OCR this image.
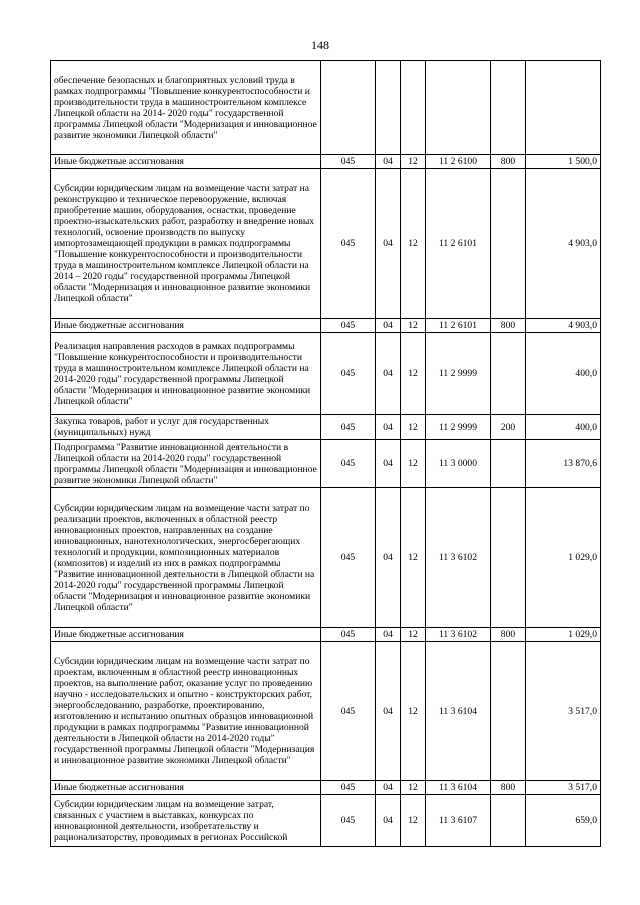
148
обеспечение безопасных и благоприятных условий труда в рамках подпрограммы "Повышение конкурентоспособности и производительности труда в машиностроительном комплексе Липецкой области на 2014- 2020 годы" государственной программы Липецкой области "Модернизация и инновационное развитие экономики Липецкой области"						
Иные бюджетные ассигнования	045	04	12	11 2 6100	800	1 500,0
Субсидии юридическим лицам на возмещение части затрат на реконструкцию и техническое перевооружение, включая приобретение машин, оборудования, оснастки, проведение проектно-изыскательских работ, разработку и внедрение новых технологий, освоение производств по выпуску импортозамещающей продукции в рамках подпрограммы "Повышение конкурентоспособности и производительности труда в машиностроительном комплексе Липецкой области на 2014 – 2020 годы" государственной программы Липецкой области "Модернизация и инновационное развитие экономики Липецкой области"	045	04	12	11 2 6101		4 903,0
Иные бюджетные ассигнования	045	04	12	11 2 6101	800	4 903,0
Реализация направления расходов в рамках подпрограммы "Повышение конкурентоспособности и производительности труда в машиностроительном комплексе Липецкой области на 2014-2020 годы" государственной программы Липецкой области "Модернизация и инновационное развитие экономики Липецкой области"	045	04	12	11 2 9999		400,0
Закупка товаров, работ и услуг для государственных (муниципальных) нужд	045	04	12	11 2 9999	200	400,0
Подпрограмма "Развитие инновационной деятельности в Липецкой области на 2014-2020 годы" государственной программы Липецкой области "Модернизация и инновационное развитие экономики Липецкой области"	045	04	12	11 3 0000		13 870,6
Субсидии юридическим лицам на возмещение части затрат по реализации проектов, включенных в областной реестр инновационных проектов, направленных на создание инновационных, нанотехнологических, энергосберегающих технологий и продукции, композиционных материалов (композитов) и изделий из них в рамках подпрограммы "Развитие инновационной деятельности в Липецкой области на 2014-2020 годы" государственной программы Липецкой области "Модернизация и инновационное развитие экономики Липецкой области"	045	04	12	11 3 6102		1 029,0
Иные бюджетные ассигнования	045	04	12	11 3 6102	800	1 029,0
Субсидии юридическим лицам на возмещение части затрат по проектам, включенным в областной реестр инновационных проектов, на выполнение работ, оказание услуг по проведению научно - исследовательских и опытно - конструкторских работ, энергообследованию, разработке, проектированию, изготовлению и испытанию опытных образцов инновационной продукции в рамках подпрограммы "Развитие инновационной деятельности в Липецкой области на 2014-2020 годы" государственной программы Липецкой области "Модернизация и инновационное развитие экономики Липецкой области"	045	04	12	11 3 6104		3 517,0
Иные бюджетные ассигнования	045	04	12	11 3 6104	800	3 517,0
Субсидии юридическим лицам на возмещение затрат, связанных с участием в выставках, конкурсах по инновационной деятельности, изобретательству и рационализаторству, проводимых в регионах Российской	045	04	12	11 3 6107		659,0
